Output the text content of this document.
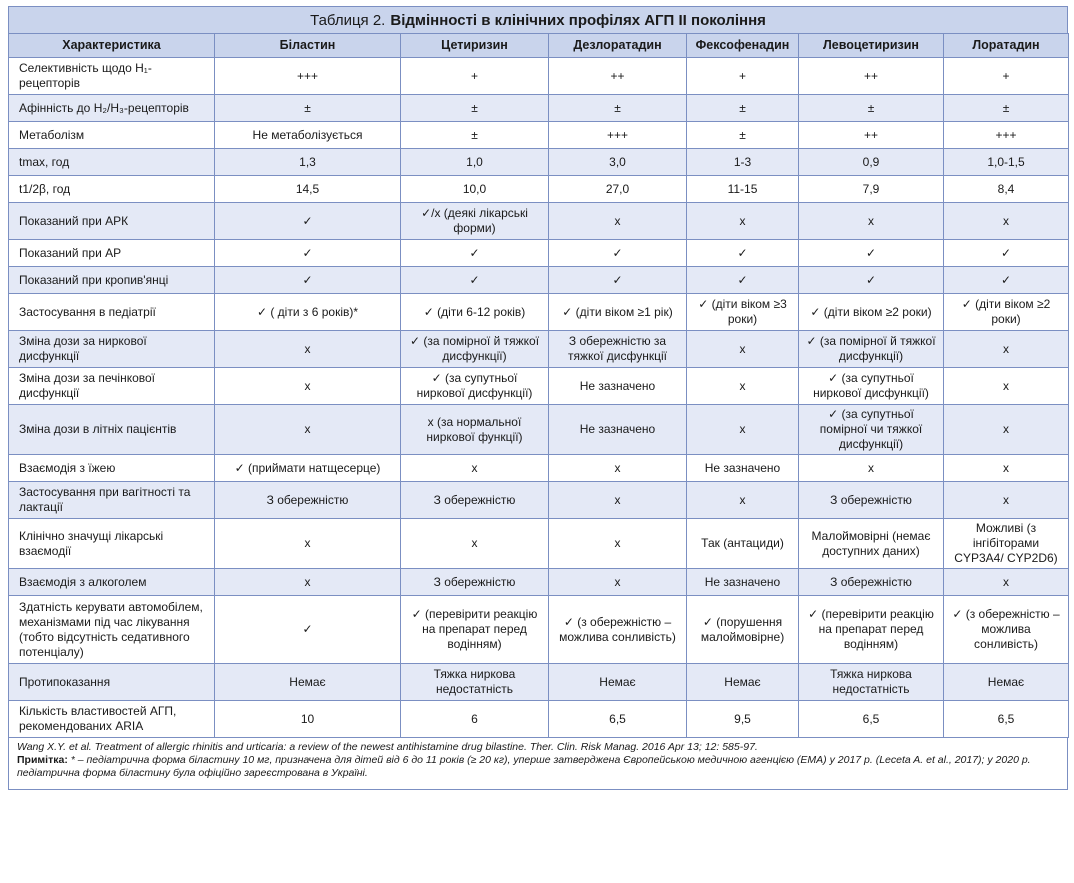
Таблиця 2. Відмінності в клінічних профілях АГП ІІ покоління
Характеристика	Біластин	Цетиризин	Дезлоратадин	Фексофенадин	Левоцетиризин	Лоратадин
Селективність щодо H₁-рецепторів	+++	+	++	+	++	+
Афінність до H₂/H₃-рецепторів	±	±	±	±	±	±
Метаболізм	Не метаболізується	±	+++	±	++	+++
tmax, год	1,3	1,0	3,0	1-3	0,9	1,0-1,5
t1/2β, год	14,5	10,0	27,0	11-15	7,9	8,4
Показаний при АРК	✓	✓/х (деякі лікарські форми)	х	х	х	х
Показаний при АР	✓	✓	✓	✓	✓	✓
Показаний при кропив'янці	✓	✓	✓	✓	✓	✓
Застосування в педіатрії	✓ ( діти з 6 років)*	✓ (діти 6-12 років)	✓ (діти віком ≥1 рік)	✓ (діти віком ≥3 роки)	✓ (діти віком ≥2 роки)	✓ (діти віком ≥2 роки)
Зміна дози за ниркової дисфункції	х	✓ (за помірної й тяжкої дисфункції)	З обережністю за тяжкої дисфункції	х	✓ (за помірної й тяжкої дисфункції)	х
Зміна дози за печінкової дисфункції	х	✓ (за супутньої ниркової дисфункції)	Не зазначено	х	✓ (за супутньої ниркової дисфункції)	х
Зміна дози в літніх пацієнтів	х	х (за нормальної ниркової функції)	Не зазначено	х	✓ (за супутньої помірної чи тяжкої дисфункції)	х
Взаємодія з їжею	✓ (приймати натщесерце)	х	х	Не зазначено	х	х
Застосування при вагітності та лактації	З обережністю	З обережністю	х	х	З обережністю	х
Клінічно значущі лікарські взаємодії	х	х	х	Так (антациди)	Малоймовірні (немає доступних даних)	Можливі (з інгібіторами CYP3A4/ CYP2D6)
Взаємодія з алкоголем	х	З обережністю	х	Не зазначено	З обережністю	х
Здатність керувати автомобілем, механізмами під час лікування (тобто відсутність седативного потенціалу)	✓	✓ (перевірити реакцію на препарат перед водінням)	✓ (з обережністю – можлива сонливість)	✓ (порушення малоймовірне)	✓ (перевірити реакцію на препарат перед водінням)	✓ (з обережністю – можлива сонливість)
Протипоказання	Немає	Тяжка ниркова недостатність	Немає	Немає	Тяжка ниркова недостатність	Немає
Кількість властивостей АГП, рекомендованих ARIA	10	6	6,5	9,5	6,5	6,5
Wang X.Y. et al. Treatment of allergic rhinitis and urticaria: a review of the newest antihistamine drug bilastine. Ther. Clin. Risk Manag. 2016 Apr 13; 12: 585-97.
Примітка: * – педіатрична форма біластину 10 мг, призначена для дітей від 6 до 11 років (≥ 20 кг), уперше затверджена Європейською медичною агенцією (EMA) у 2017 р. (Leceta A. et al., 2017); у 2020 р. педіатрична форма біластину була офіційно зареєстрована в Україні.
